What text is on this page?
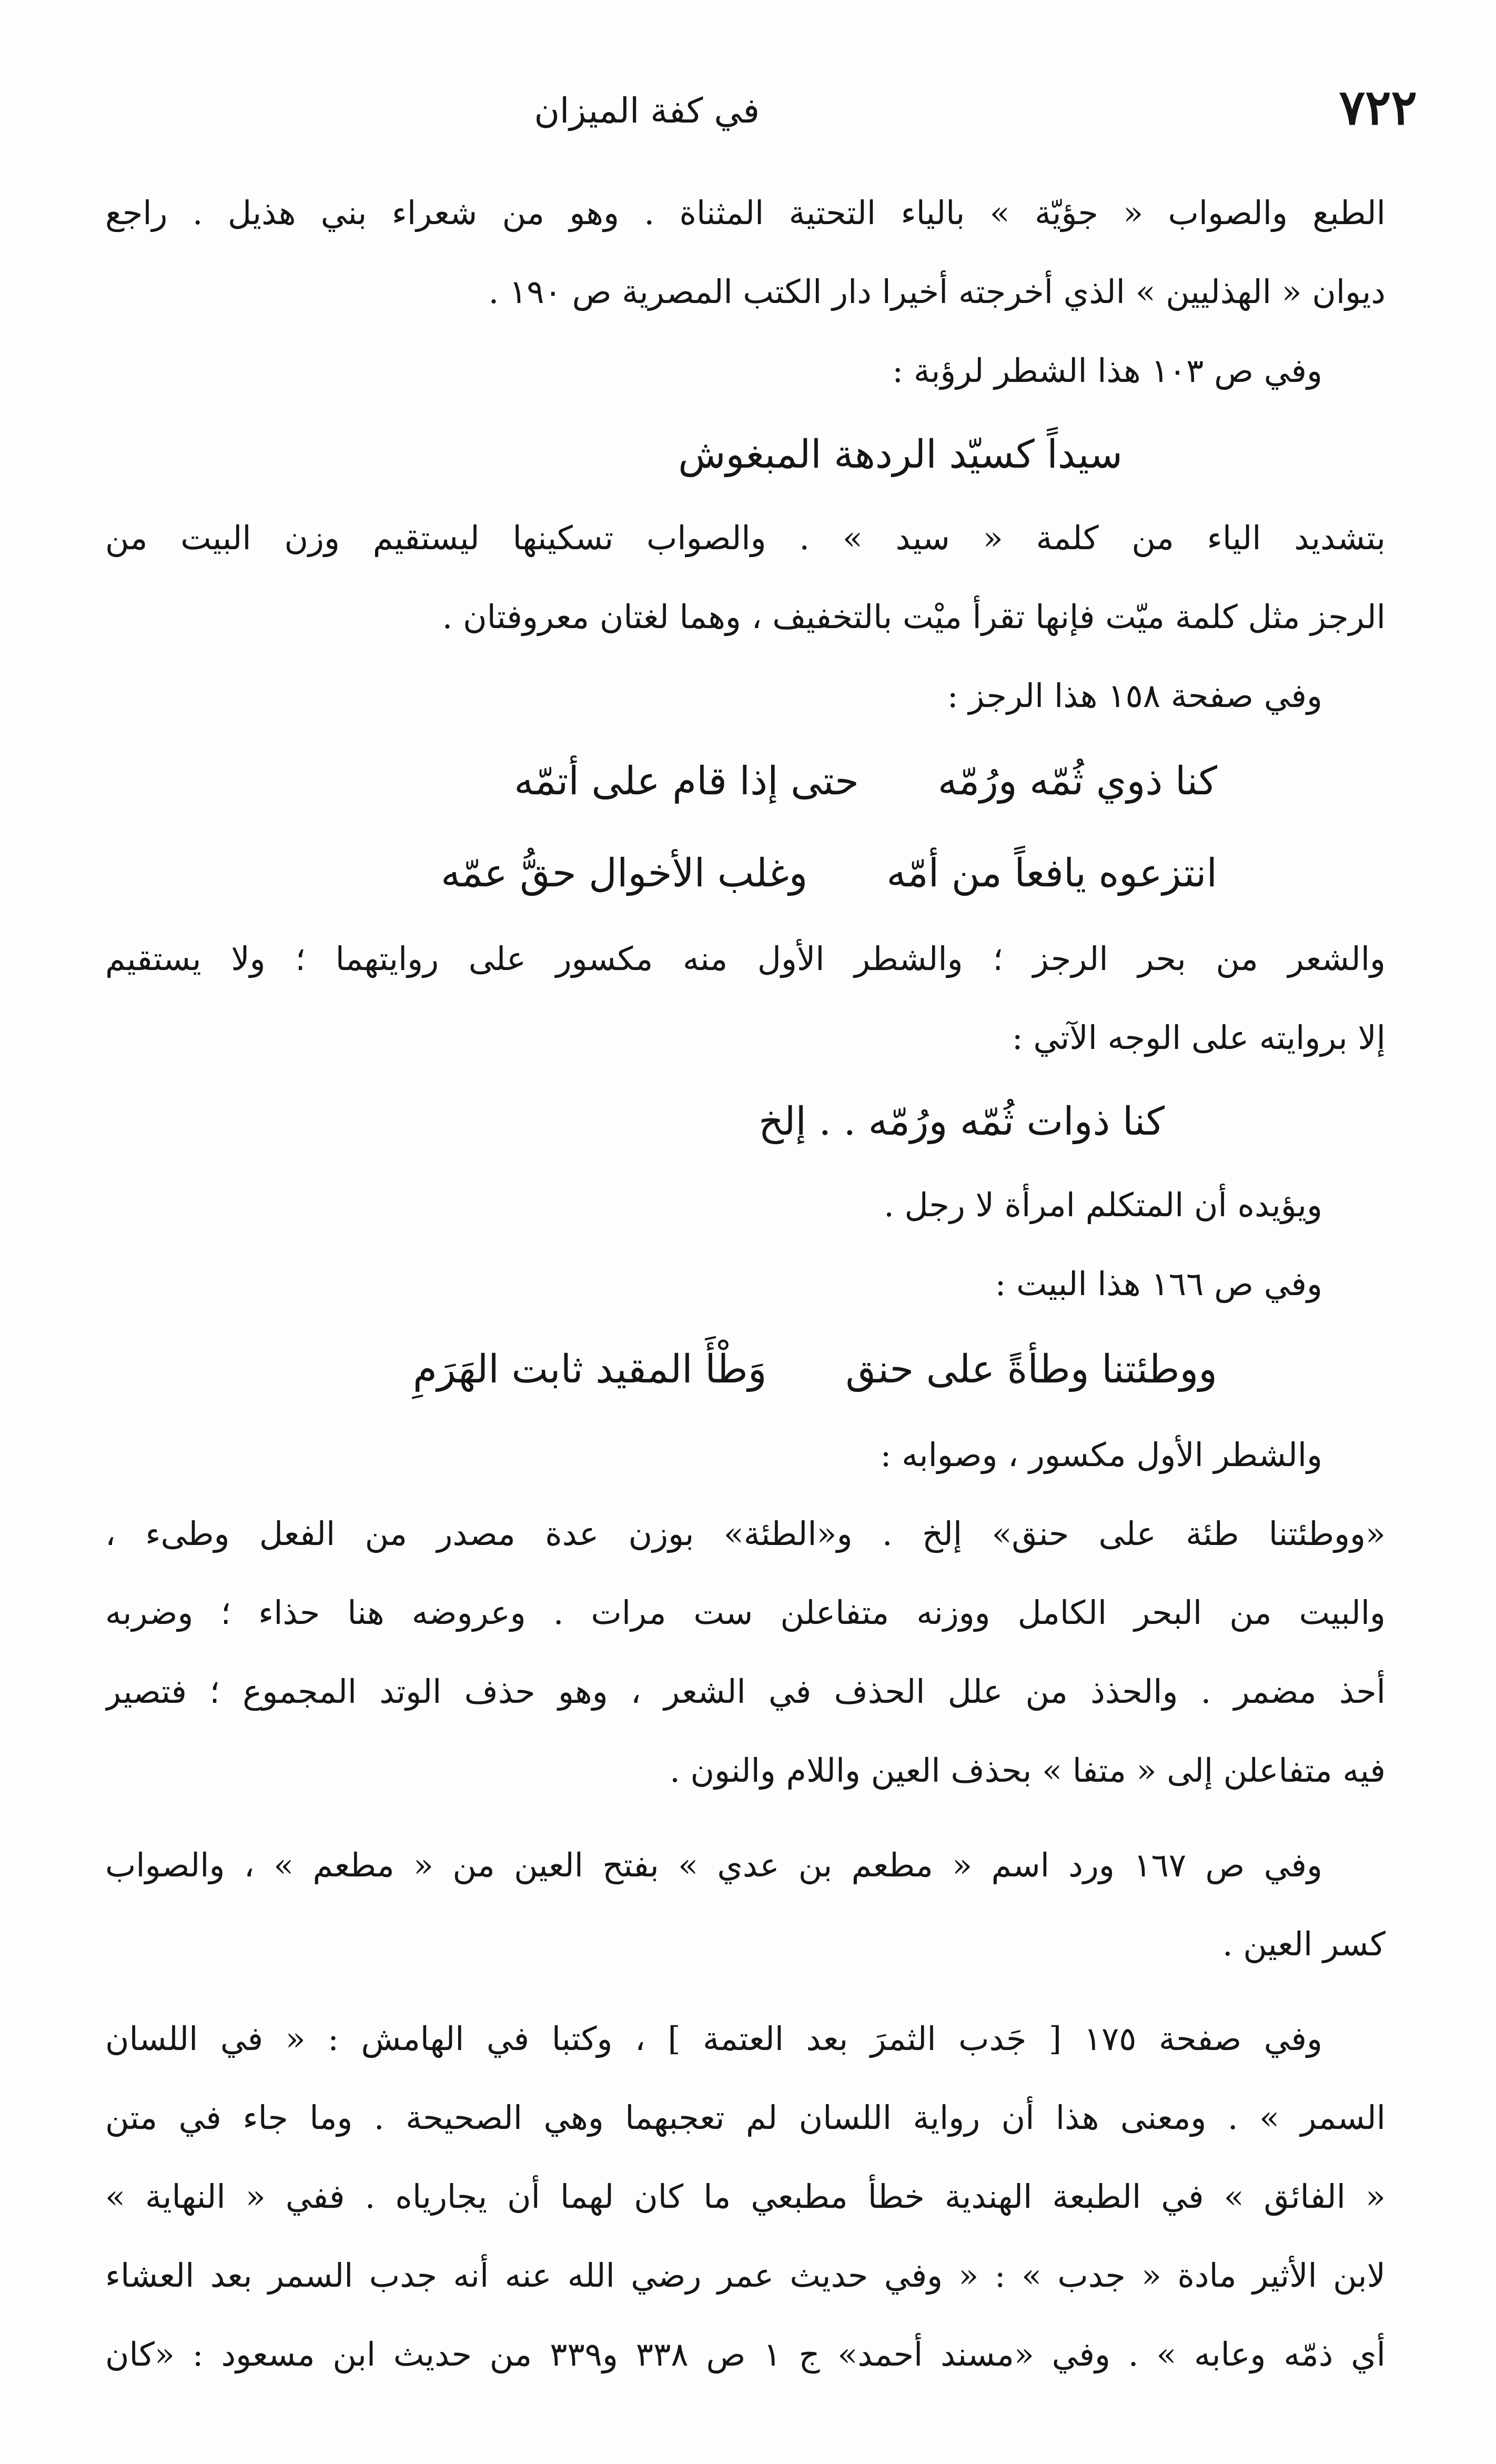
٧٢٢
في كفة الميزان
الطبع والصواب « جؤيّة » بالياء التحتية المثناة . وهو من شعراء بني هذيل . راجع
ديوان « الهذليين » الذي أخرجته أخيرا دار الكتب المصرية ص ١٩٠ .
وفي ص ١٠٣ هذا الشطر لرؤبة :
سيداً كسيّد الردهة المبغوش
بتشديد الياء من كلمة « سيد » . والصواب تسكينها ليستقيم وزن البيت من
الرجز مثل كلمة ميّت فإنها تقرأ ميْت بالتخفيف ، وهما لغتان معروفتان .
وفي صفحة ١٥٨ هذا الرجز :
كنا ذوي ثُمّه ورُمّه
حتى إذا قام على أتمّه
انتزعوه يافعاً من أمّه
وغلب الأخوال حقُّ عمّه
والشعر من بحر الرجز ؛ والشطر الأول منه مكسور على روايتهما ؛ ولا يستقيم
إلا بروايته على الوجه الآتي :
كنا ذوات ثُمّه ورُمّه . . إلخ
ويؤيده أن المتكلم امرأة لا رجل .
وفي ص ١٦٦ هذا البيت :
ووطئتنا وطأةً على حنق
وَطْأَ المقيد ثابت الهَرَمِ
والشطر الأول مكسور ، وصوابه :
«ووطئتنا طئة على حنق» إلخ . و«الطئة» بوزن عدة مصدر من الفعل وطىء ،
والبيت من البحر الكامل ووزنه متفاعلن ست مرات . وعروضه هنا حذاء ؛ وضربه
أحذ مضمر . والحذذ من علل الحذف في الشعر ، وهو حذف الوتد المجموع ؛ فتصير
فيه متفاعلن إلى « متفا » بحذف العين واللام والنون .
وفي ص ١٦٧ ورد اسم « مطعم بن عدي » بفتح العين من « مطعم » ، والصواب
كسر العين .
وفي صفحة ١٧٥ [ جَدب الثمرَ بعد العتمة ] ، وكتبا في الهامش : « في اللسان
السمر » . ومعنى هذا أن رواية اللسان لم تعجبهما وهي الصحيحة . وما جاء في متن
« الفائق » في الطبعة الهندية خطأ مطبعي ما كان لهما أن يجارياه . ففي « النهاية »
لابن الأثير مادة « جدب » : « وفي حديث عمر رضي الله عنه أنه جدب السمر بعد العشاء
أي ذمّه وعابه » . وفي «مسند أحمد» ج ١ ص ٣٣٨ و٣٣٩ من حديث ابن مسعود : «كان
